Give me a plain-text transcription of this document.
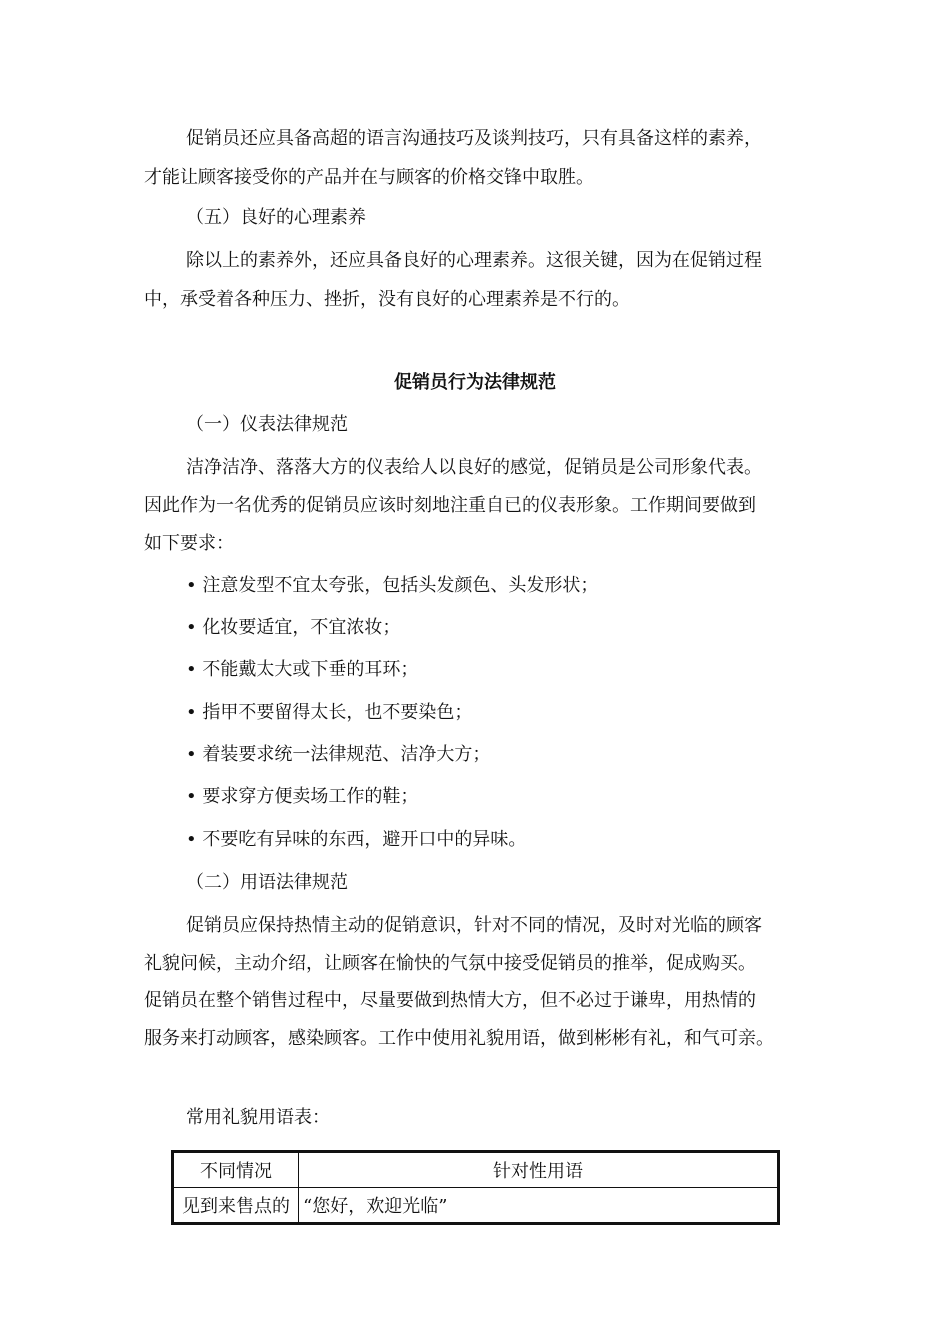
促销员还应具备高超的语言沟通技巧及谈判技巧，只有具备这样的素养，
才能让顾客接受你的产品并在与顾客的价格交锋中取胜。
（五）良好的心理素养
除以上的素养外，还应具备良好的心理素养。这很关键，因为在促销过程
中，承受着各种压力、挫折，没有良好的心理素养是不行的。
促销员行为法律规范
（一）仪表法律规范
洁净洁净、落落大方的仪表给人以良好的感觉，促销员是公司形象代表。
因此作为一名优秀的促销员应该时刻地注重自已的仪表形象。工作期间要做到
如下要求：
• 注意发型不宜太夸张，包括头发颜色、头发形状；
• 化妆要适宜，不宜浓妆；
• 不能戴太大或下垂的耳环；
• 指甲不要留得太长，也不要染色；
• 着装要求统一法律规范、洁净大方；
• 要求穿方便卖场工作的鞋；
• 不要吃有异味的东西，避开口中的异味。
（二）用语法律规范
促销员应保持热情主动的促销意识，针对不同的情况，及时对光临的顾客
礼貌问候，主动介绍，让顾客在愉快的气氛中接受促销员的推举，促成购买。
促销员在整个销售过程中，尽量要做到热情大方，但不必过于谦卑，用热情的
服务来打动顾客，感染顾客。工作中使用礼貌用语，做到彬彬有礼，和气可亲。
常用礼貌用语表：
不同情况	针对性用语
见到来售点的	“您好，欢迎光临”
